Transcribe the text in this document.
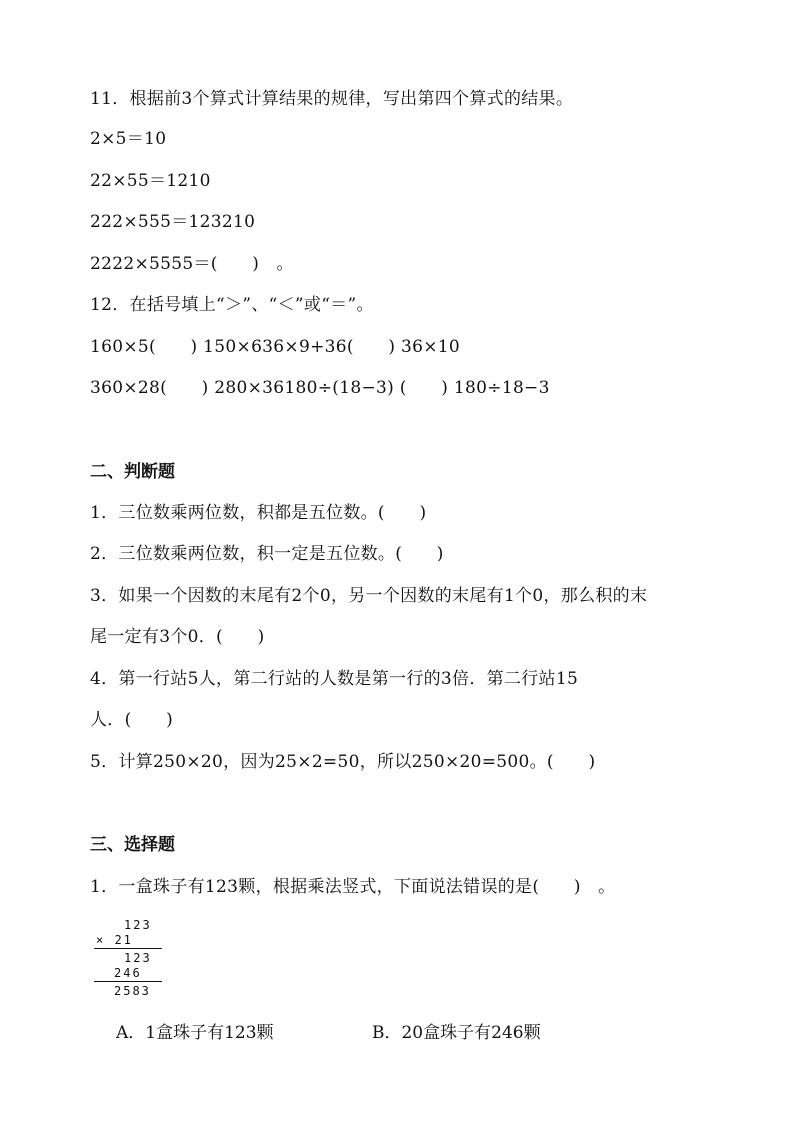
11．根据前3个算式计算结果的规律，写出第四个算式的结果。
2×5＝10
22×55＝1210
222×555＝123210
2222×5555＝(　　)　。
12．在括号填上“＞”、“＜”或“＝”。
160×5(　　) 150×636×9+36(　　) 36×10
360×28(　　) 280×36180÷(18−3) (　　) 180÷18−3
二、判断题
1．三位数乘两位数，积都是五位数。(　　)
2．三位数乘两位数，积一定是五位数。(　　)
3．如果一个因数的末尾有2个0，另一个因数的末尾有1个0，那么积的末
尾一定有3个0．(　　)
4．第一行站5人，第二行站的人数是第一行的3倍．第二行站15
人．(　　)
5．计算250×20，因为25×2=50，所以250×20=500。(　　)
三、选择题
1．一盒珠子有123颗，根据乘法竖式，下面说法错误的是(　　)　。
123
× 21
123
246
2583
A．1盒珠子有123颗	B．20盒珠子有246颗
